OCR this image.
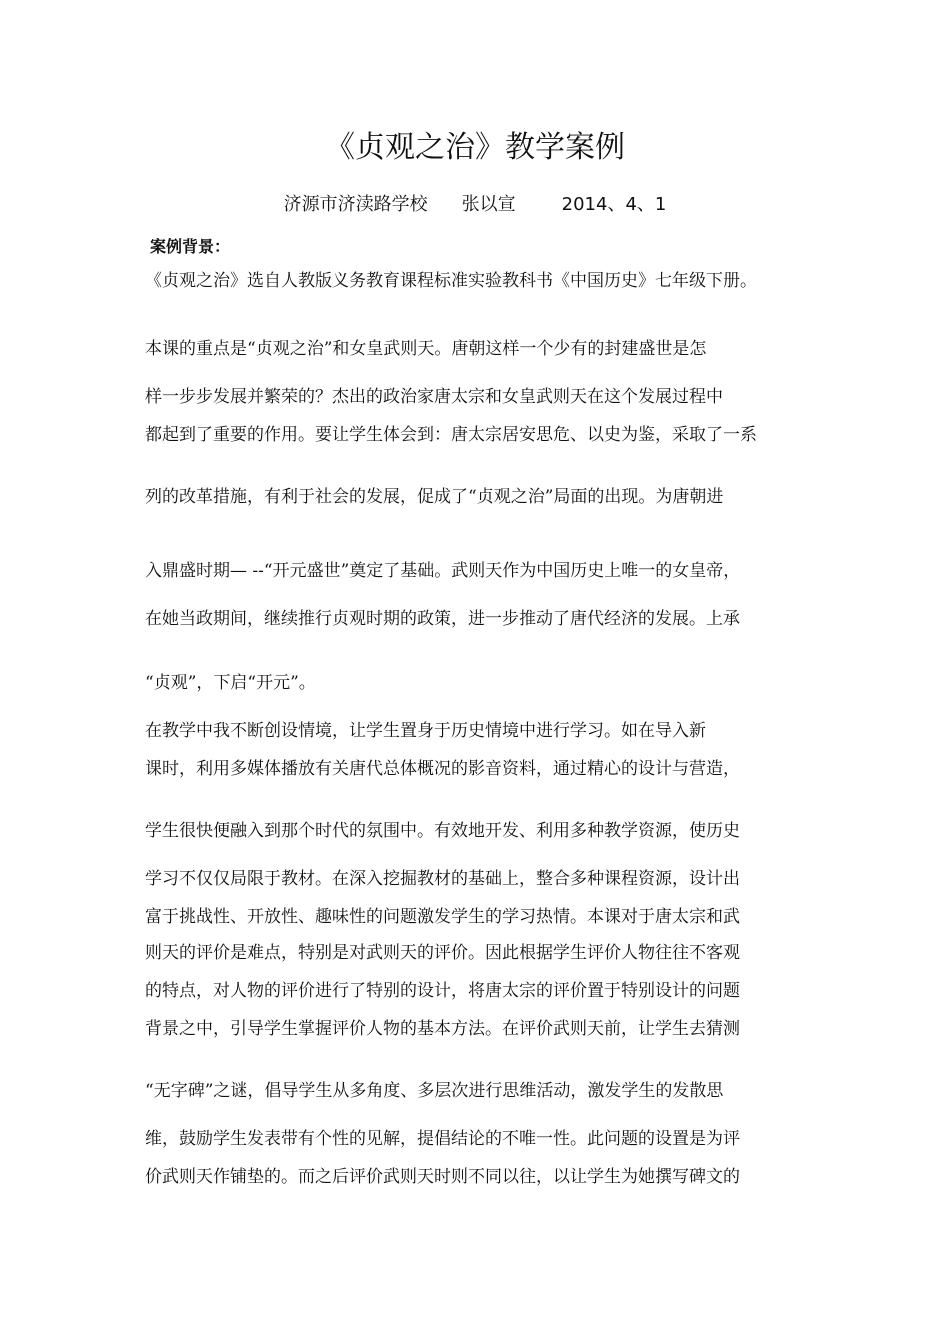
《贞观之治》教学案例
济源市济渎路学校 张以宣	2014、4、1
案例背景：
《贞观之治》选自人教版义务教育课程标准实验教科书《中国历史》七年级下册。
本课的重点是“贞观之治”和女皇武则天。唐朝这样一个少有的封建盛世是怎
样一步步发展并繁荣的？杰出的政治家唐太宗和女皇武则天在这个发展过程中
都起到了重要的作用。要让学生体会到：唐太宗居安思危、以史为鉴，采取了一系
列的改革措施，有利于社会的发展，促成了“贞观之治”局面的出现。为唐朝进
入鼎盛时期— --“开元盛世”奠定了基础。武则天作为中国历史上唯一的女皇帝，
在她当政期间，继续推行贞观时期的政策，进一步推动了唐代经济的发展。上承
“贞观”，下启“开元”。
在教学中我不断创设情境，让学生置身于历史情境中进行学习。如在导入新
课时，利用多媒体播放有关唐代总体概况的影音资料，通过精心的设计与营造，
学生很快便融入到那个时代的氛围中。有效地开发、利用多种教学资源，使历史
学习不仅仅局限于教材。在深入挖掘教材的基础上，整合多种课程资源，设计出
富于挑战性、开放性、趣味性的问题激发学生的学习热情。本课对于唐太宗和武
则天的评价是难点，特别是对武则天的评价。因此根据学生评价人物往往不客观
的特点，对人物的评价进行了特别的设计，将唐太宗的评价置于特别设计的问题
背景之中，引导学生掌握评价人物的基本方法。在评价武则天前，让学生去猜测
“无字碑”之谜，倡导学生从多角度、多层次进行思维活动，激发学生的发散思
维，鼓励学生发表带有个性的见解，提倡结论的不唯一性。此问题的设置是为评
价武则天作铺垫的。而之后评价武则天时则不同以往，以让学生为她撰写碑文的
